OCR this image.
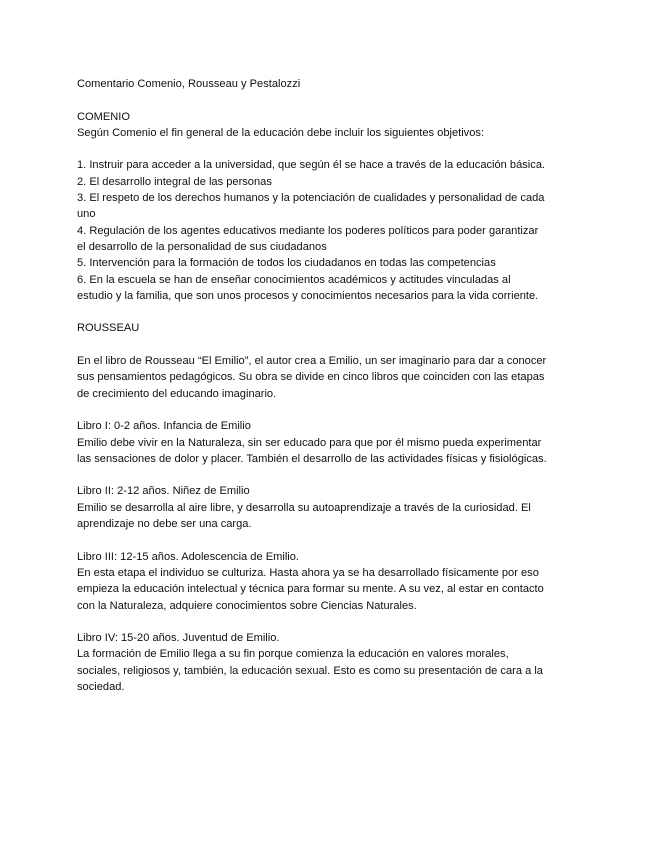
Comentario Comenio, Rousseau y Pestalozzi

COMENIO

Según Comenio el fin general de la educación debe incluir los siguientes objetivos:

1. Instruir para acceder a la universidad, que según él se hace a través de la educación básica.

2. El desarrollo integral de las personas

3. El respeto de los derechos humanos y la potenciación de cualidades y personalidad de cada

uno

4. Regulación de los agentes educativos mediante los poderes políticos para poder garantizar

el desarrollo de la personalidad de sus ciudadanos

5. Intervención para la formación de todos los ciudadanos en todas las competencias

6. En la escuela se han de enseñar conocimientos académicos y actitudes vinculadas al

estudio y la familia, que son unos procesos y conocimientos necesarios para la vida corriente.

ROUSSEAU

En el libro de Rousseau “El Emilio”, el autor crea a Emilio, un ser imaginario para dar a conocer

sus pensamientos pedagógicos. Su obra se divide en cinco libros que coinciden con las etapas

de crecimiento del educando imaginario.

Libro I: 0-2 años. Infancia de Emilio

Emilio debe vivir en la Naturaleza, sin ser educado para que por él mismo pueda experimentar

las sensaciones de dolor y placer. También el desarrollo de las actividades físicas y fisiológicas.

Libro II: 2-12 años. Niñez de Emilio

Emilio se desarrolla al aire libre, y desarrolla su autoaprendizaje a través de la curiosidad. El

aprendizaje no debe ser una carga.

Libro III: 12-15 años. Adolescencia de Emilio.

En esta etapa el individuo se culturiza. Hasta ahora ya se ha desarrollado físicamente por eso

empieza la educación intelectual y técnica para formar su mente. A su vez, al estar en contacto

con la Naturaleza, adquiere conocimientos sobre Ciencias Naturales.

Libro IV: 15-20 años. Juventud de Emilio.

La formación de Emilio llega a su fin porque comienza la educación en valores morales,

sociales, religiosos y, también, la educación sexual. Esto es como su presentación de cara a la

sociedad.
